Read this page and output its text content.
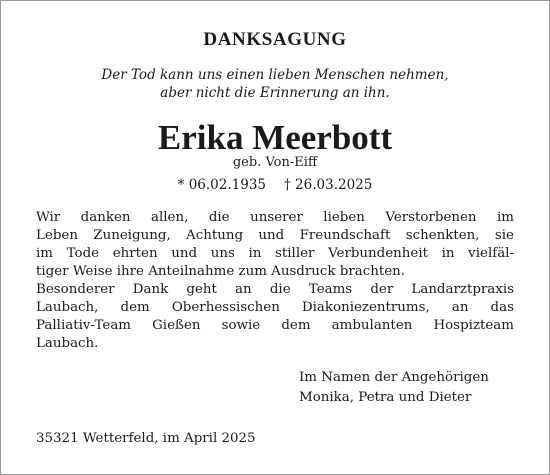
DANKSAGUNG
Der Tod kann uns einen lieben Menschen nehmen,
aber nicht die Erinnerung an ihn.
Erika Meerbott
geb. Von-Eiff
* 06.02.1935 † 26.03.2025
Wir danken allen, die unserer lieben Verstorbenen im
Leben Zuneigung, Achtung und Freundschaft schenkten, sie
im Tode ehrten und uns in stiller Verbundenheit in vielfäl-
tiger Weise ihre Anteilnahme zum Ausdruck brachten.
Besonderer Dank geht an die Teams der Landarztpraxis
Laubach, dem Oberhessischen Diakoniezentrums, an das
Palliativ-Team Gießen sowie dem ambulanten Hospizteam
Laubach.
Im Namen der Angehörigen
Monika, Petra und Dieter
35321 Wetterfeld, im April 2025
